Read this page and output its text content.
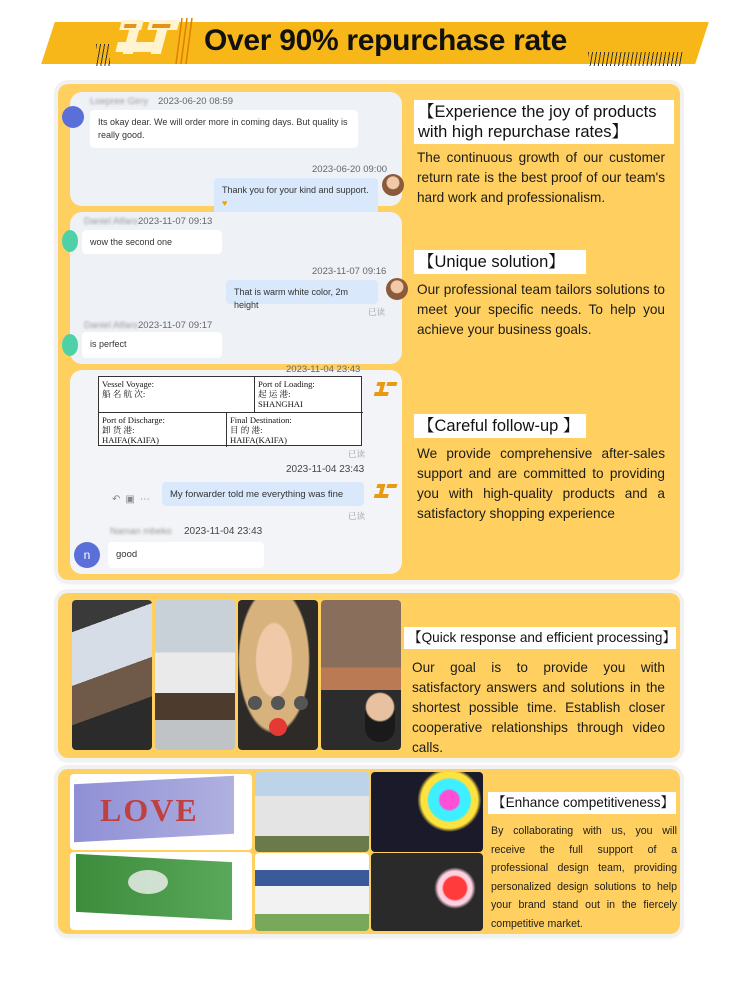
Over 90% repurchase rate
Loepree Girry 2023-06-20 08:59
Its okay dear. We will order more in coming days. But quality is really good.
2023-06-20 09:00
Thank you for your kind and support. ♥
Daniel Alfaro 2023-11-07 09:13
wow the second one
2023-11-07 09:16
That is warm white color, 2m height
已读
Daniel Alfaro 2023-11-07 09:17
is perfect
2023-11-04 23:43
Vessel Voyage:
船 名 航 次:
Port of Loading:
起 运 港:
SHANGHAI
Port of Discharge:
卸 货 港:
HAIFA(KAIFA)
Final Destination:
目 的 港:
HAIFA(KAIFA)
已读
2023-11-04 23:43
↶▣⋯	My forwarder told me everything was fine
已读
n
Naman mbeko 2023-11-04 23:43
good
【Experience the joy of products with high repurchase rates】
The continuous growth of our customer return rate is the best proof of our team's hard work and professionalism.
【Unique solution】
Our professional team tailors solutions to meet your specific needs. To help you achieve your business goals.
【Careful follow-up 】
We provide comprehensive after-sales support and are committed to providing you with high-quality products and a satisfactory shopping experience
【Quick response and efficient processing】
Our goal is to provide you with satisfactory answers and solutions in the shortest possible time. Establish closer cooperative relationships through video calls.
LOVE	【Enhance competitiveness】
By collaborating with us, you will receive the full support of a professional design team, providing personalized design solutions to help your brand stand out in the fiercely competitive market.
